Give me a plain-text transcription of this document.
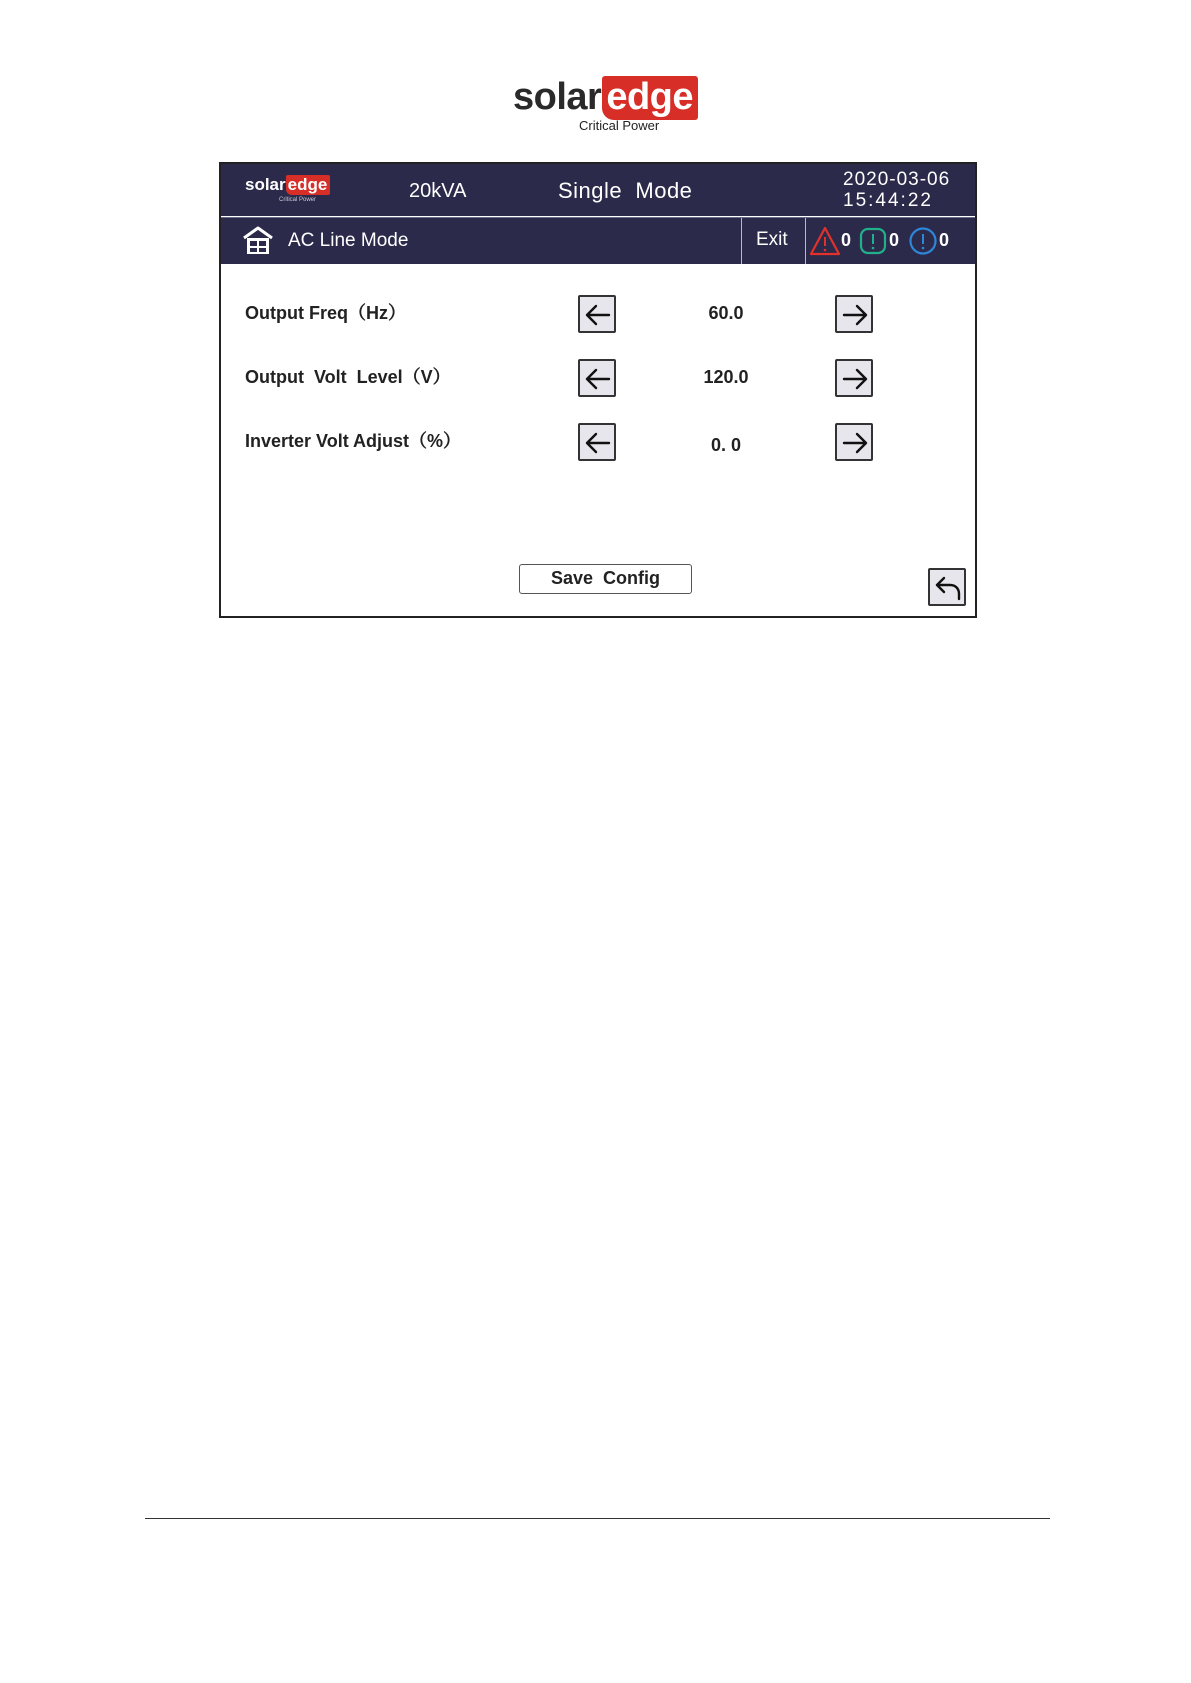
solar edge
Critical Power
solar edge
Critical Power	20kVA	Single  Mode	2020-03-06
15:44:22
AC Line Mode	Exit	0 0 0
Output Freq（Hz）	60.0
Output  Volt  Level（V）	120.0
Inverter Volt Adjust（%）	0. 0
Save  Config
